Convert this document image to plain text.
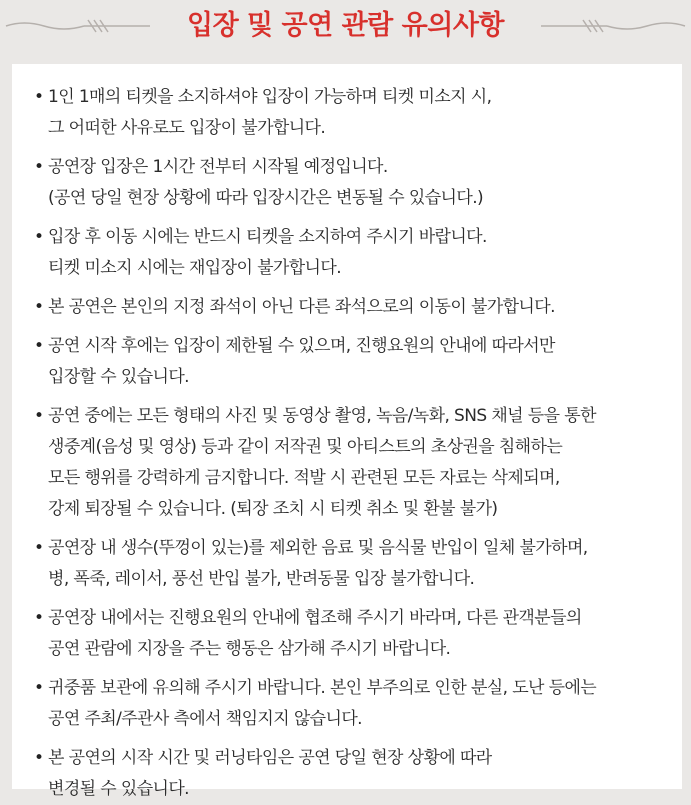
입장 및 공연 관람 유의사항
• 1인 1매의 티켓을 소지하셔야 입장이 가능하며 티켓 미소지 시,
그 어떠한 사유로도 입장이 불가합니다.
• 공연장 입장은 1시간 전부터 시작될 예정입니다.
(공연 당일 현장 상황에 따라 입장시간은 변동될 수 있습니다.)
• 입장 후 이동 시에는 반드시 티켓을 소지하여 주시기 바랍니다.
티켓 미소지 시에는 재입장이 불가합니다.
• 본 공연은 본인의 지정 좌석이 아닌 다른 좌석으로의 이동이 불가합니다.
• 공연 시작 후에는 입장이 제한될 수 있으며, 진행요원의 안내에 따라서만
입장할 수 있습니다.
• 공연 중에는 모든 형태의 사진 및 동영상 촬영, 녹음/녹화, SNS 채널 등을 통한
생중계(음성 및 영상) 등과 같이 저작권 및 아티스트의 초상권을 침해하는
모든 행위를 강력하게 금지합니다. 적발 시 관련된 모든 자료는 삭제되며,
강제 퇴장될 수 있습니다. (퇴장 조치 시 티켓 취소 및 환불 불가)
• 공연장 내 생수(뚜껑이 있는)를 제외한 음료 및 음식물 반입이 일체 불가하며,
병, 폭죽, 레이서, 풍선 반입 불가, 반려동물 입장 불가합니다.
• 공연장 내에서는 진행요원의 안내에 협조해 주시기 바라며, 다른 관객분들의
공연 관람에 지장을 주는 행동은 삼가해 주시기 바랍니다.
• 귀중품 보관에 유의해 주시기 바랍니다. 본인 부주의로 인한 분실, 도난 등에는
공연 주최/주관사 측에서 책임지지 않습니다.
• 본 공연의 시작 시간 및 러닝타임은 공연 당일 현장 상황에 따라
변경될 수 있습니다.
